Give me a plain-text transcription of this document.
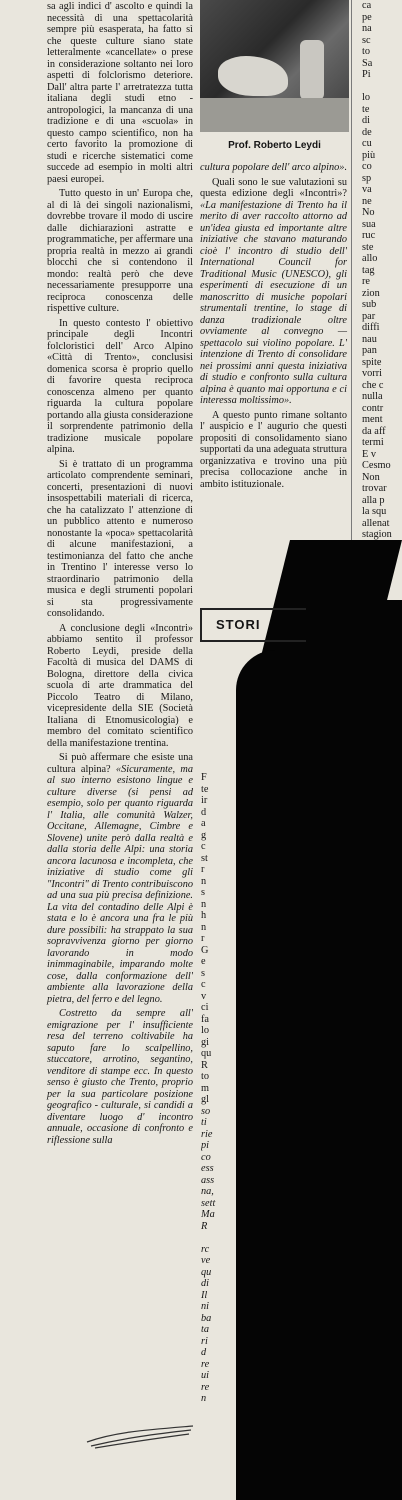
sa agli indici d' ascolto e quindi la necessità di una spettacolarità sempre più esasperata, ha fatto sì che queste culture siano state letteralmente «cancellate» o prese in considerazione soltanto nei loro aspetti di folclorismo deteriore. Dall' altra parte l' arretratezza tutta italiana degli studi etno - antropologici, la mancanza di una tradizione e di una «scuola» in questo campo scientifico, non ha certo favorito la promozione di studi e ricerche sistematici come succede ad esempio in molti altri paesi europei.

Tutto questo in un' Europa che, al di là dei singoli nazionalismi, dovrebbe trovare il modo di uscire dalle dichiarazioni astratte e programmatiche, per affermare una propria realtà in mezzo ai grandi blocchi che si contendono il mondo: realtà però che deve necessariamente presupporre una reciproca conoscenza delle rispettive culture.

In questo contesto l' obiettivo principale degli Incontri folcloristici dell' Arco Alpino «Città di Trento», conclusisi domenica scorsa è proprio quello di favorire questa reciproca conoscenza almeno per quanto riguarda la cultura popolare portando alla giusta considerazione il sorprendente patrimonio della tradizione musicale popolare alpina.

Si è trattato di un programma articolato comprendente seminari, concerti, presentazioni di nuovi insospettabili materiali di ricerca, che ha catalizzato l' attenzione di un pubblico attento e numeroso nonostante la «poca» spettacolarità di alcune manifestazioni, a testimonianza del fatto che anche in Trentino l' interesse verso lo straordinario patrimonio della musica e degli strumenti popolari si sta progressivamente consolidando.

A conclusione degli «Incontri» abbiamo sentito il professor Roberto Leydi, preside della Facoltà di musica del DAMS di Bologna, direttore della civica scuola di arte drammatica del Piccolo Teatro di Milano, vicepresidente della SIE (Società Italiana di Etnomusicologia) e membro del comitato scientifico della manifestazione trentina.

Si può affermare che esiste una cultura alpina? «Sicuramente, ma al suo interno esistono lingue e culture diverse (si pensi ad esempio, solo per quanto riguarda l' Italia, alle comunità Walzer, Occitane, Allemagne, Cimbre e Slovene) unite però dalla realtà e dalla storia delle Alpi: una storia ancora lacunosa e incompleta, che iniziative di studio come gli "Incontri" di Trento contribuiscono ad una sua più precisa definizione. La vita del contadino delle Alpi è stata e lo è ancora una fra le più dure possibili: ha strappato la sua sopravvivenza giorno per giorno lavorando in modo inimmaginabile, imparando molte cose, dalla conformazione dell' ambiente alla lavorazione della pietra, del ferro e del legno.

Costretto da sempre all' emigrazione per l' insufficiente resa del terreno coltivabile ha saputo fare lo scalpellino, stuccatore, arrotino, segantino, venditore di stampe ecc. In questo senso è giusto che Trento, proprio per la sua particolare posizione geografico - culturale, si candidi a diventare luogo d' incontro annuale, occasione di confronto e riflessione sulla

Prof. Roberto Leydi

cultura popolare dell' arco alpino».

Quali sono le sue valutazioni su questa edizione degli «Incontri»? «La manifestazione di Trento ha il merito di aver raccolto attorno ad un'idea giusta ed importante altre iniziative che stavano maturando cioè l' incontro di studio dell' International Council for Traditional Music (UNESCO), gli esperimenti di esecuzione di un manoscritto di musiche popolari strumentali trentine, lo stage di danza tradizionale oltre ovviamente al convegno — spettacolo sui violino popolare. L' intenzione di Trento di consolidare nei prossimi anni questa iniziativa di studio e confronto sulla cultura alpina è quanto mai opportuna e ci interessa moltissimo».

A questo punto rimane soltanto l' auspicio e l' augurio che questi propositi di consolidamento siano supportati da una adeguata struttura organizzativa e trovino una più precisa collocazione anche in ambito istituzionale.

ca
pe
na
sc
to
Sa
Pi
lo
te
di
de
cu
più
co
sp
va
ne
No
sua
ruc
ste
allo
tag
re
zion
sub
par
diffi
nau
pan
spite
vorri
che c
nulla
contr
ment
da aff
termi
E v
Cesmo
Non
trovar
alla p
la squ
allenat
stagion
STORI
F
te
ir
d
a
g
c
st
r
n
s
n
h
n
r
G
e
s
c
v
ci
fa
lo
gi
qu
R
to
m
gl
so
ti
rie
pi
co
ess
ass
na,
sett
Ma
R
rc
ve
qu
di
Il
ni
ba
ta
ri
d
re
ui
re
n
